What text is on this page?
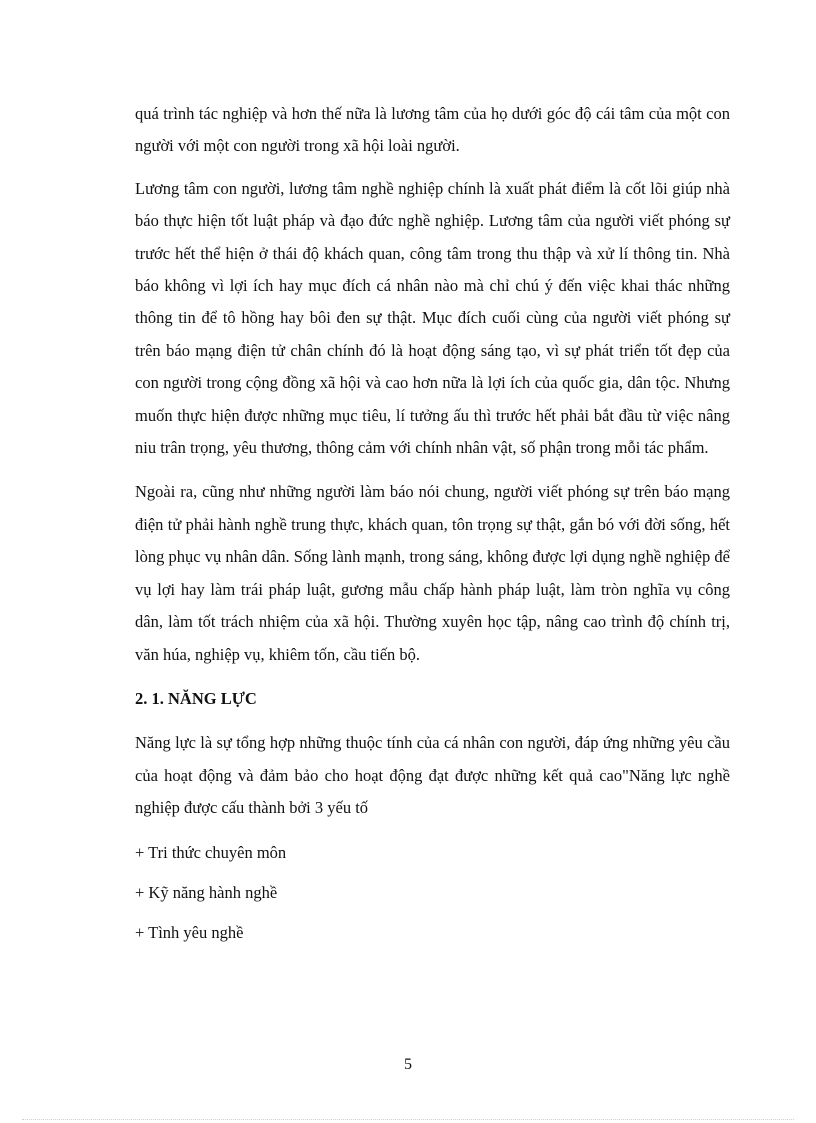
quá trình tác nghiệp và hơn thế nữa là lương tâm của họ dưới góc độ cái tâm của một con người với một con người trong xã hội loài người.

Lương tâm con người, lương tâm nghề nghiệp chính là xuất phát điểm là cốt lõi giúp nhà báo thực hiện tốt luật pháp và đạo đức nghề nghiệp. Lương tâm của người viết phóng sự trước hết thể hiện ở thái độ khách quan, công tâm trong thu thập và xử lí thông tin. Nhà báo không vì lợi ích hay mục đích cá nhân nào mà chỉ chú ý đến việc khai thác những thông tin để tô hồng hay bôi đen sự thật. Mục đích cuối cùng của người viết phóng sự trên báo mạng điện tử chân chính đó là hoạt động sáng tạo, vì sự phát triển tốt đẹp của con người trong cộng đồng xã hội và cao hơn nữa là lợi ích của quốc gia, dân tộc. Nhưng muốn thực hiện được những mục tiêu, lí tưởng ấu thì trước hết phải bắt đầu từ việc nâng niu trân trọng, yêu thương, thông cảm với chính nhân vật, số phận trong mỗi tác phẩm.

Ngoài ra, cũng như những người làm báo nói chung, người viết phóng sự trên báo mạng điện tử phải hành nghề trung thực, khách quan, tôn trọng sự thật, gắn bó với đời sống, hết lòng phục vụ nhân dân. Sống lành mạnh, trong sáng, không được lợi dụng nghề nghiệp để vụ lợi hay làm trái pháp luật, gương mẫu chấp hành pháp luật, làm tròn nghĩa vụ công dân, làm tốt trách nhiệm của xã hội. Thường xuyên học tập, nâng cao trình độ chính trị, văn húa, nghiệp vụ, khiêm tốn, cầu tiến bộ.

2. 1. NĂNG LỰC

Năng lực là sự tổng hợp những thuộc tính của cá nhân con người, đáp ứng những yêu cầu của hoạt động và đảm bảo cho hoạt động đạt được những kết quả cao"Năng lực nghề nghiệp được cấu thành bởi 3 yếu tố

+ Tri thức chuyên môn

+ Kỹ năng hành nghề

+ Tình yêu nghề

5
